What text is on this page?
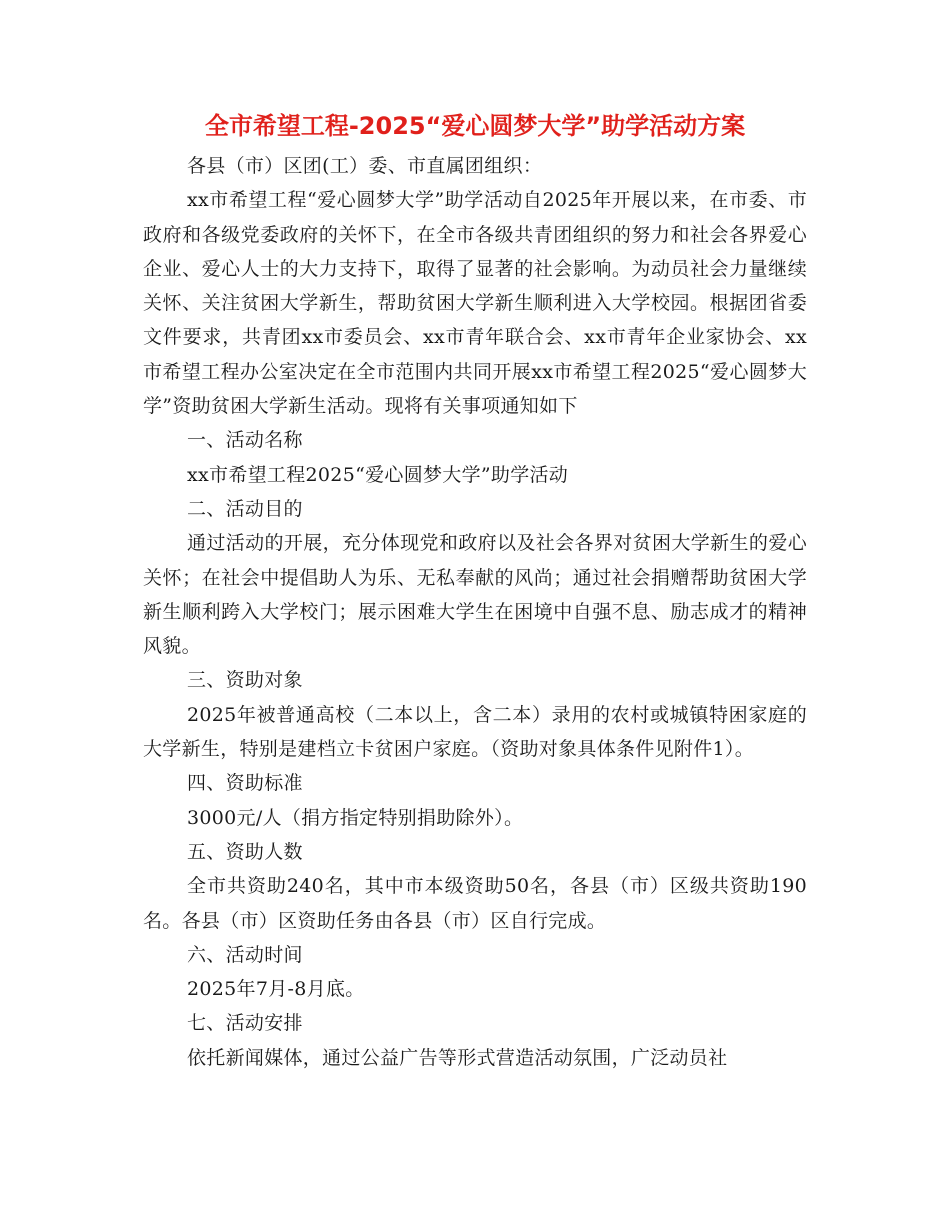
全市希望工程-2025“爱心圆梦大学”助学活动方案

各县（市）区团(工）委、市直属团组织：

xx市希望工程“爱心圆梦大学”助学活动自2025年开展以来，在市委、市政府和各级党委政府的关怀下，在全市各级共青团组织的努力和社会各界爱心企业、爱心人士的大力支持下，取得了显著的社会影响。为动员社会力量继续关怀、关注贫困大学新生，帮助贫困大学新生顺利进入大学校园。根据团省委文件要求，共青团xx市委员会、xx市青年联合会、xx市青年企业家协会、xx市希望工程办公室决定在全市范围内共同开展xx市希望工程2025“爱心圆梦大学”资助贫困大学新生活动。现将有关事项通知如下

一、活动名称

xx市希望工程2025“爱心圆梦大学”助学活动

二、活动目的

通过活动的开展，充分体现党和政府以及社会各界对贫困大学新生的爱心关怀；在社会中提倡助人为乐、无私奉献的风尚；通过社会捐赠帮助贫困大学新生顺利跨入大学校门；展示困难大学生在困境中自强不息、励志成才的精神风貌。

三、资助对象

2025年被普通高校（二本以上，含二本）录用的农村或城镇特困家庭的大学新生，特别是建档立卡贫困户家庭。（资助对象具体条件见附件1）。

四、资助标准

3000元/人（捐方指定特别捐助除外）。

五、资助人数

全市共资助240名，其中市本级资助50名，各县（市）区级共资助190名。各县（市）区资助任务由各县（市）区自行完成。

六、活动时间

2025年7月-8月底。

七、活动安排

依托新闻媒体，通过公益广告等形式营造活动氛围，广泛动员社
